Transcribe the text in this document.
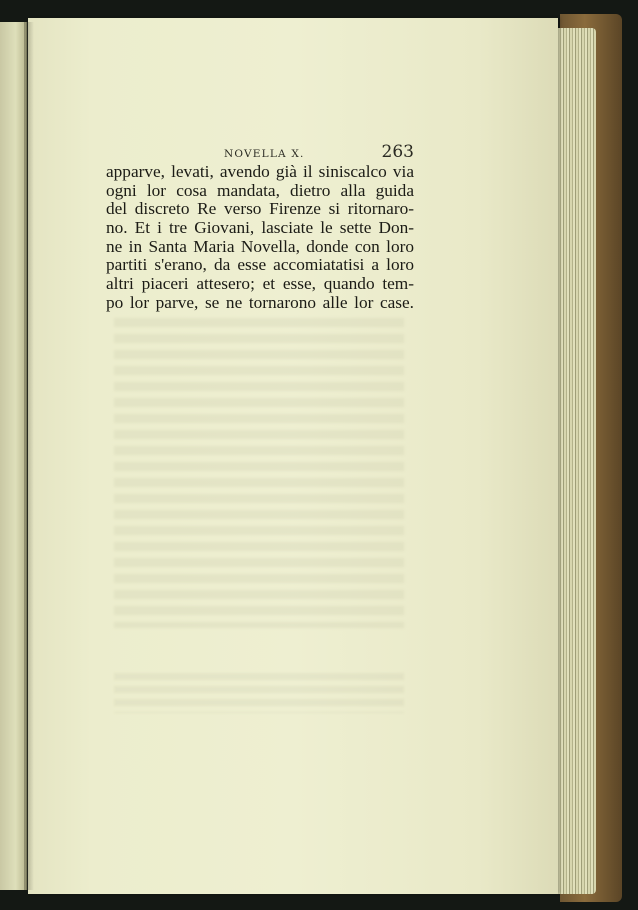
NOVELLA X.	263
apparve, levati, avendo già il siniscalco via
ogni lor cosa mandata, dietro alla guida
del discreto Re verso Firenze si ritornaro-
no. Et i tre Giovani, lasciate le sette Don-
ne in Santa Maria Novella, donde con loro
partiti s'erano, da esse accomiatatisi a loro
altri piaceri attesero; et esse, quando tem-
po lor parve, se ne tornarono alle lor case.
